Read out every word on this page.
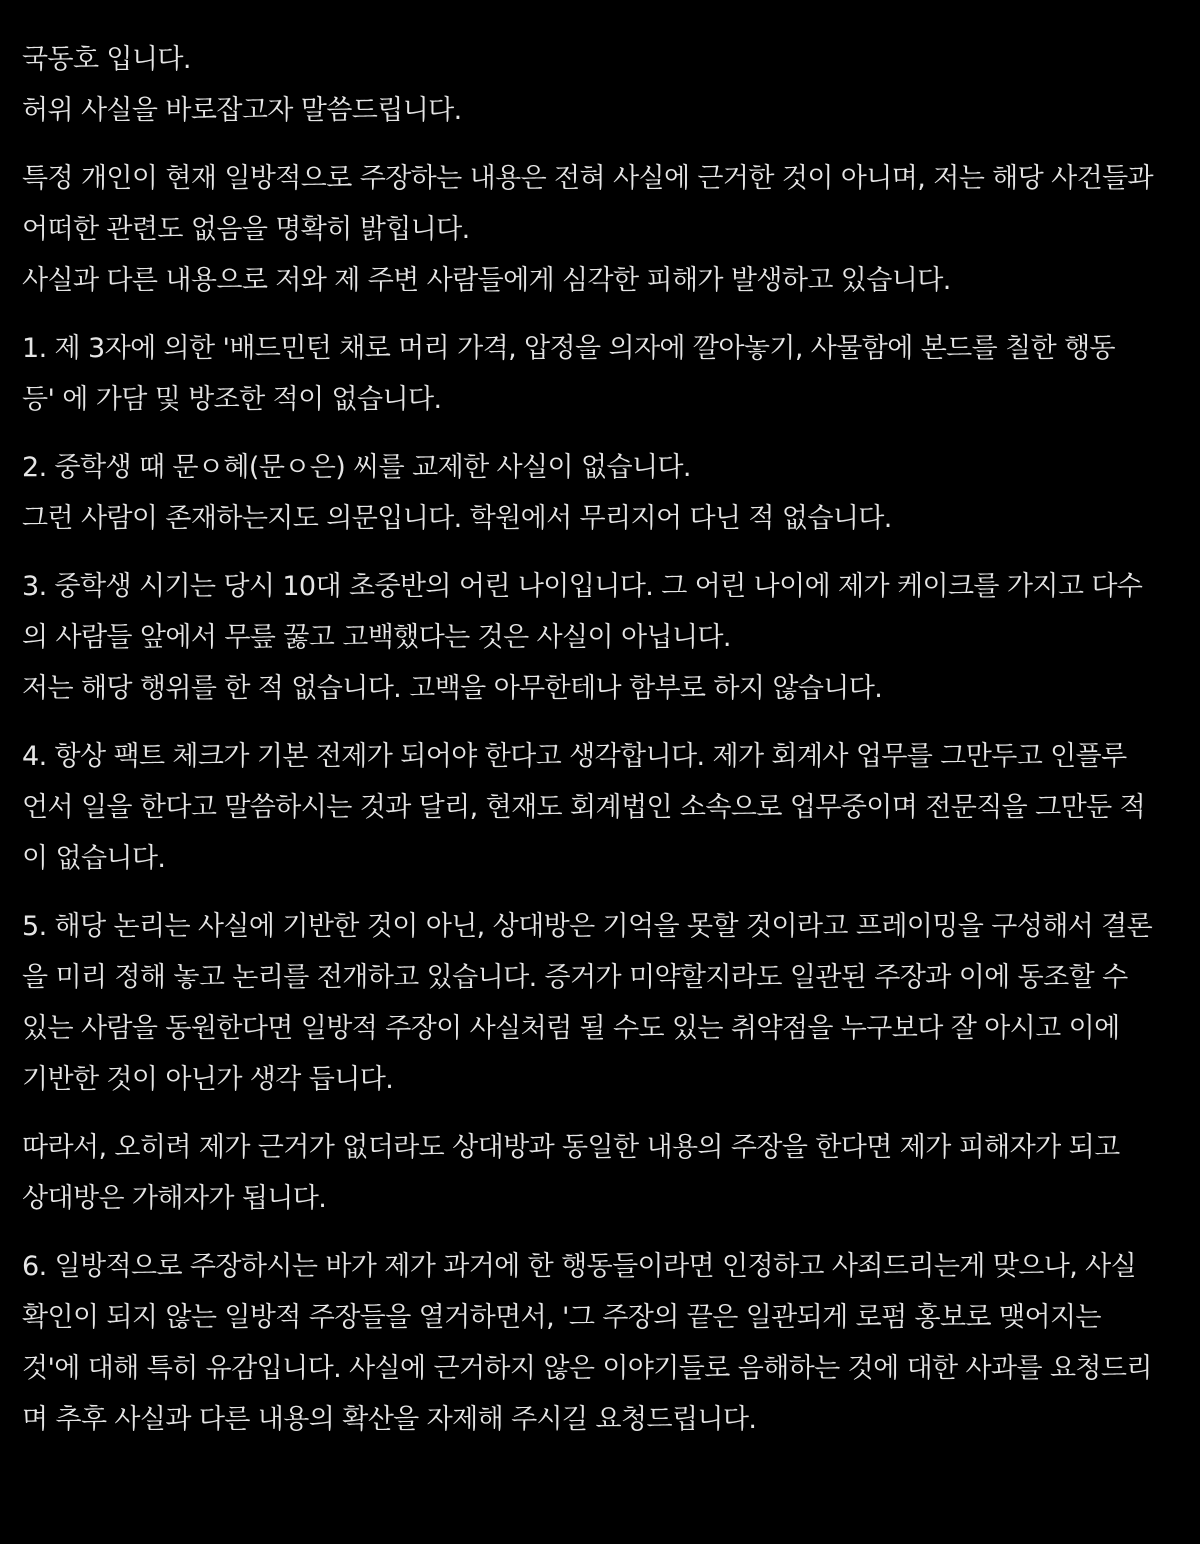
국동호 입니다.
허위 사실을 바로잡고자 말씀드립니다.
특정 개인이 현재 일방적으로 주장하는 내용은 전혀 사실에 근거한 것이 아니며, 저는 해당 사건들과
어떠한 관련도 없음을 명확히 밝힙니다.
사실과 다른 내용으로 저와 제 주변 사람들에게 심각한 피해가 발생하고 있습니다.
1. 제 3자에 의한 '배드민턴 채로 머리 가격, 압정을 의자에 깔아놓기, 사물함에 본드를 칠한 행동
등' 에 가담 및 방조한 적이 없습니다.
2. 중학생 때 문ㅇ혜(문ㅇ은) 씨를 교제한 사실이 없습니다.
그런 사람이 존재하는지도 의문입니다. 학원에서 무리지어 다닌 적 없습니다.
3. 중학생 시기는 당시 10대 초중반의 어린 나이입니다. 그 어린 나이에 제가 케이크를 가지고 다수
의 사람들 앞에서 무릎 꿇고 고백했다는 것은 사실이 아닙니다.
저는 해당 행위를 한 적 없습니다. 고백을 아무한테나 함부로 하지 않습니다.
4. 항상 팩트 체크가 기본 전제가 되어야 한다고 생각합니다. 제가 회계사 업무를 그만두고 인플루
언서 일을 한다고 말씀하시는 것과 달리, 현재도 회계법인 소속으로 업무중이며 전문직을 그만둔 적
이 없습니다.
5. 해당 논리는 사실에 기반한 것이 아닌, 상대방은 기억을 못할 것이라고 프레이밍을 구성해서 결론
을 미리 정해 놓고 논리를 전개하고 있습니다. 증거가 미약할지라도 일관된 주장과 이에 동조할 수
있는 사람을 동원한다면 일방적 주장이 사실처럼 될 수도 있는 취약점을 누구보다 잘 아시고 이에
기반한 것이 아닌가 생각 듭니다.
따라서, 오히려 제가 근거가 없더라도 상대방과 동일한 내용의 주장을 한다면 제가 피해자가 되고
상대방은 가해자가 됩니다.
6. 일방적으로 주장하시는 바가 제가 과거에 한 행동들이라면 인정하고 사죄드리는게 맞으나, 사실
확인이 되지 않는 일방적 주장들을 열거하면서, '그 주장의 끝은 일관되게 로펌 홍보로 맺어지는
것'에 대해 특히 유감입니다. 사실에 근거하지 않은 이야기들로 음해하는 것에 대한 사과를 요청드리
며 추후 사실과 다른 내용의 확산을 자제해 주시길 요청드립니다.
